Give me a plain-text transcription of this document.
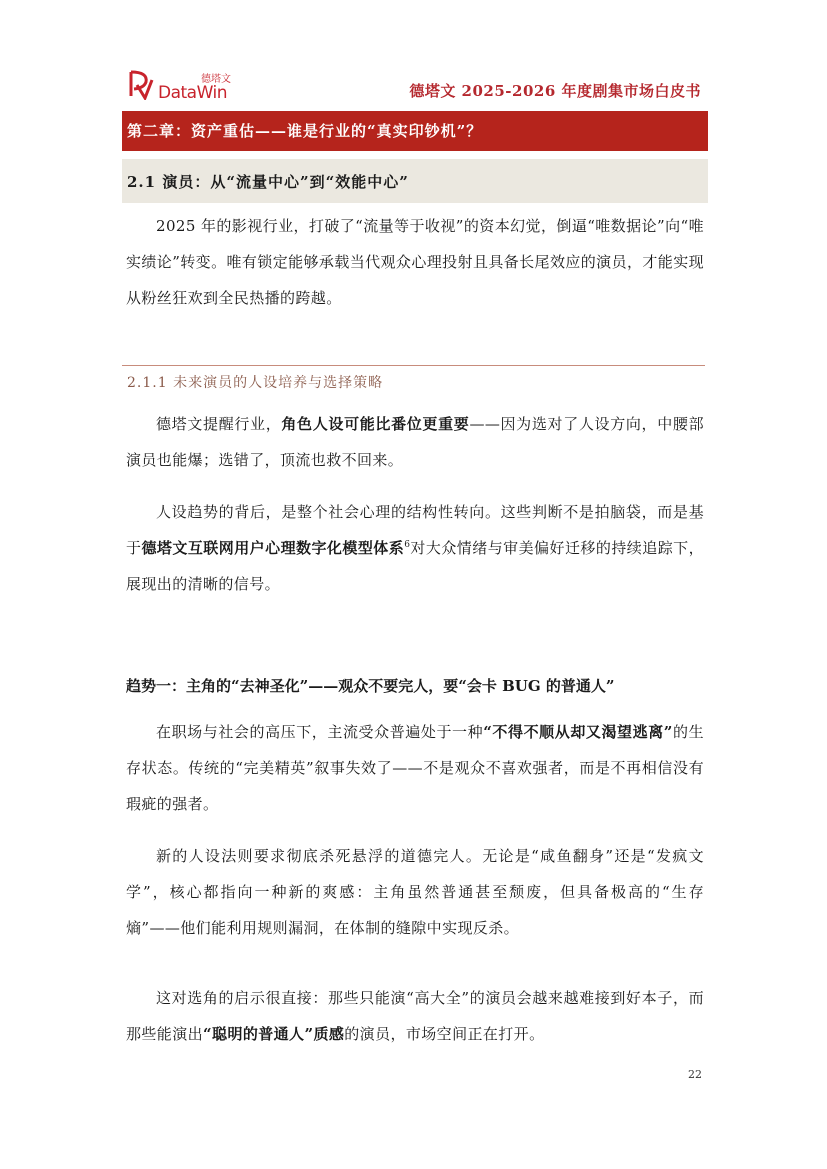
德塔文
DataWin	德塔文 2025-2026 年度剧集市场白皮书
第二章：资产重估——谁是行业的“真实印钞机”？
2.1 演员：从“流量中心”到“效能中心”

2025 年的影视行业，打破了“流量等于收视”的资本幻觉，倒逼“唯数据论”向“唯实绩论”转变。唯有锁定能够承载当代观众心理投射且具备长尾效应的演员，才能实现从粉丝狂欢到全民热播的跨越。

2.1.1 未来演员的人设培养与选择策略

德塔文提醒行业，角色人设可能比番位更重要——因为选对了人设方向，中腰部演员也能爆；选错了，顶流也救不回来。

人设趋势的背后，是整个社会心理的结构性转向。这些判断不是拍脑袋，而是基于德塔文互联网用户心理数字化模型体系$^6$对大众情绪与审美偏好迁移的持续追踪下，展现出的清晰的信号。

趋势一：主角的“去神圣化”——观众不要完人，要“会卡 BUG 的普通人”

在职场与社会的高压下，主流受众普遍处于一种“不得不顺从却又渴望逃离”的生存状态。传统的“完美精英”叙事失效了——不是观众不喜欢强者，而是不再相信没有瑕疵的强者。

新的人设法则要求彻底杀死悬浮的道德完人。无论是“咸鱼翻身”还是“发疯文学”，核心都指向一种新的爽感：主角虽然普通甚至颓废，但具备极高的“生存熵”——他们能利用规则漏洞，在体制的缝隙中实现反杀。

这对选角的启示很直接：那些只能演“高大全”的演员会越来越难接到好本子，而那些能演出“聪明的普通人”质感的演员，市场空间正在打开。

22
